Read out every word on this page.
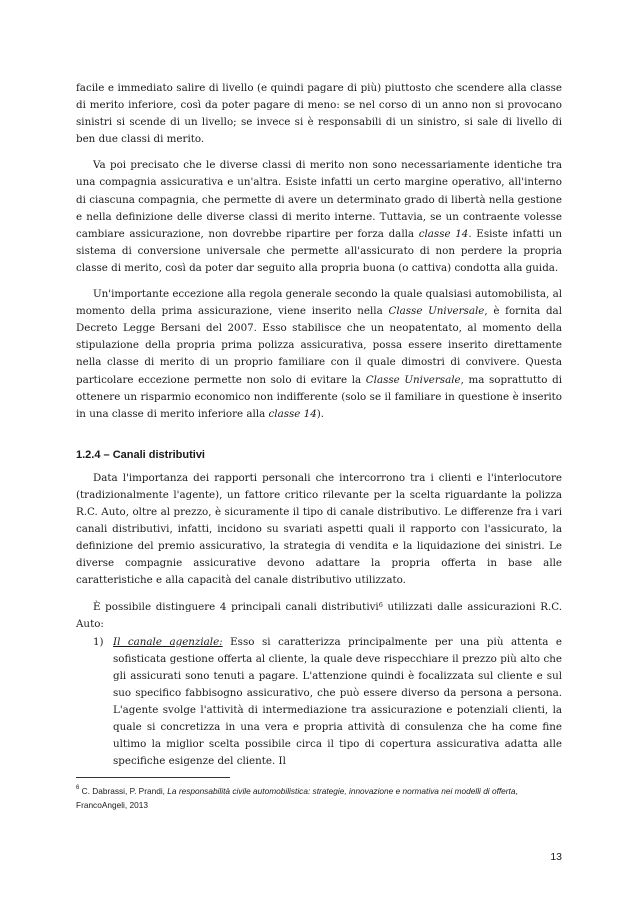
facile e immediato salire di livello (e quindi pagare di più) piuttosto che scendere alla classe di merito inferiore, così da poter pagare di meno: se nel corso di un anno non si provocano sinistri si scende di un livello; se invece si è responsabili di un sinistro, si sale di livello di ben due classi di merito.

Va poi precisato che le diverse classi di merito non sono necessariamente identiche tra una compagnia assicurativa e un'altra. Esiste infatti un certo margine operativo, all'interno di ciascuna compagnia, che permette di avere un determinato grado di libertà nella gestione e nella definizione delle diverse classi di merito interne. Tuttavia, se un contraente volesse cambiare assicurazione, non dovrebbe ripartire per forza dalla classe 14. Esiste infatti un sistema di conversione universale che permette all'assicurato di non perdere la propria classe di merito, così da poter dar seguito alla propria buona (o cattiva) condotta alla guida.

Un'importante eccezione alla regola generale secondo la quale qualsiasi automobilista, al momento della prima assicurazione, viene inserito nella Classe Universale, è fornita dal Decreto Legge Bersani del 2007. Esso stabilisce che un neopatentato, al momento della stipulazione della propria prima polizza assicurativa, possa essere inserito direttamente nella classe di merito di un proprio familiare con il quale dimostri di convivere. Questa particolare eccezione permette non solo di evitare la Classe Universale, ma soprattutto di ottenere un risparmio economico non indifferente (solo se il familiare in questione è inserito in una classe di merito inferiore alla classe 14).

1.2.4 – Canali distributivi

Data l'importanza dei rapporti personali che intercorrono tra i clienti e l'interlocutore (tradizionalmente l'agente), un fattore critico rilevante per la scelta riguardante la polizza R.C. Auto, oltre al prezzo, è sicuramente il tipo di canale distributivo. Le differenze fra i vari canali distributivi, infatti, incidono su svariati aspetti quali il rapporto con l'assicurato, la definizione del premio assicurativo, la strategia di vendita e la liquidazione dei sinistri. Le diverse compagnie assicurative devono adattare la propria offerta in base alle caratteristiche e alla capacità del canale distributivo utilizzato.

È possibile distinguere 4 principali canali distributivi$^6$ utilizzati dalle assicurazioni R.C. Auto:

1) Il canale agenziale: Esso si caratterizza principalmente per una più attenta e sofisticata gestione offerta al cliente, la quale deve rispecchiare il prezzo più alto che gli assicurati sono tenuti a pagare. L'attenzione quindi è focalizzata sul cliente e sul suo specifico fabbisogno assicurativo, che può essere diverso da persona a persona. L'agente svolge l'attività di intermediazione tra assicurazione e potenziali clienti, la quale si concretizza in una vera e propria attività di consulenza che ha come fine ultimo la miglior scelta possibile circa il tipo di copertura assicurativa adatta alle specifiche esigenze del cliente. Il
$^6$ C. Dabrassi, P. Prandi, La responsabilità civile automobilistica: strategie, innovazione e normativa nei modelli di offerta, FrancoAngeli, 2013
13
